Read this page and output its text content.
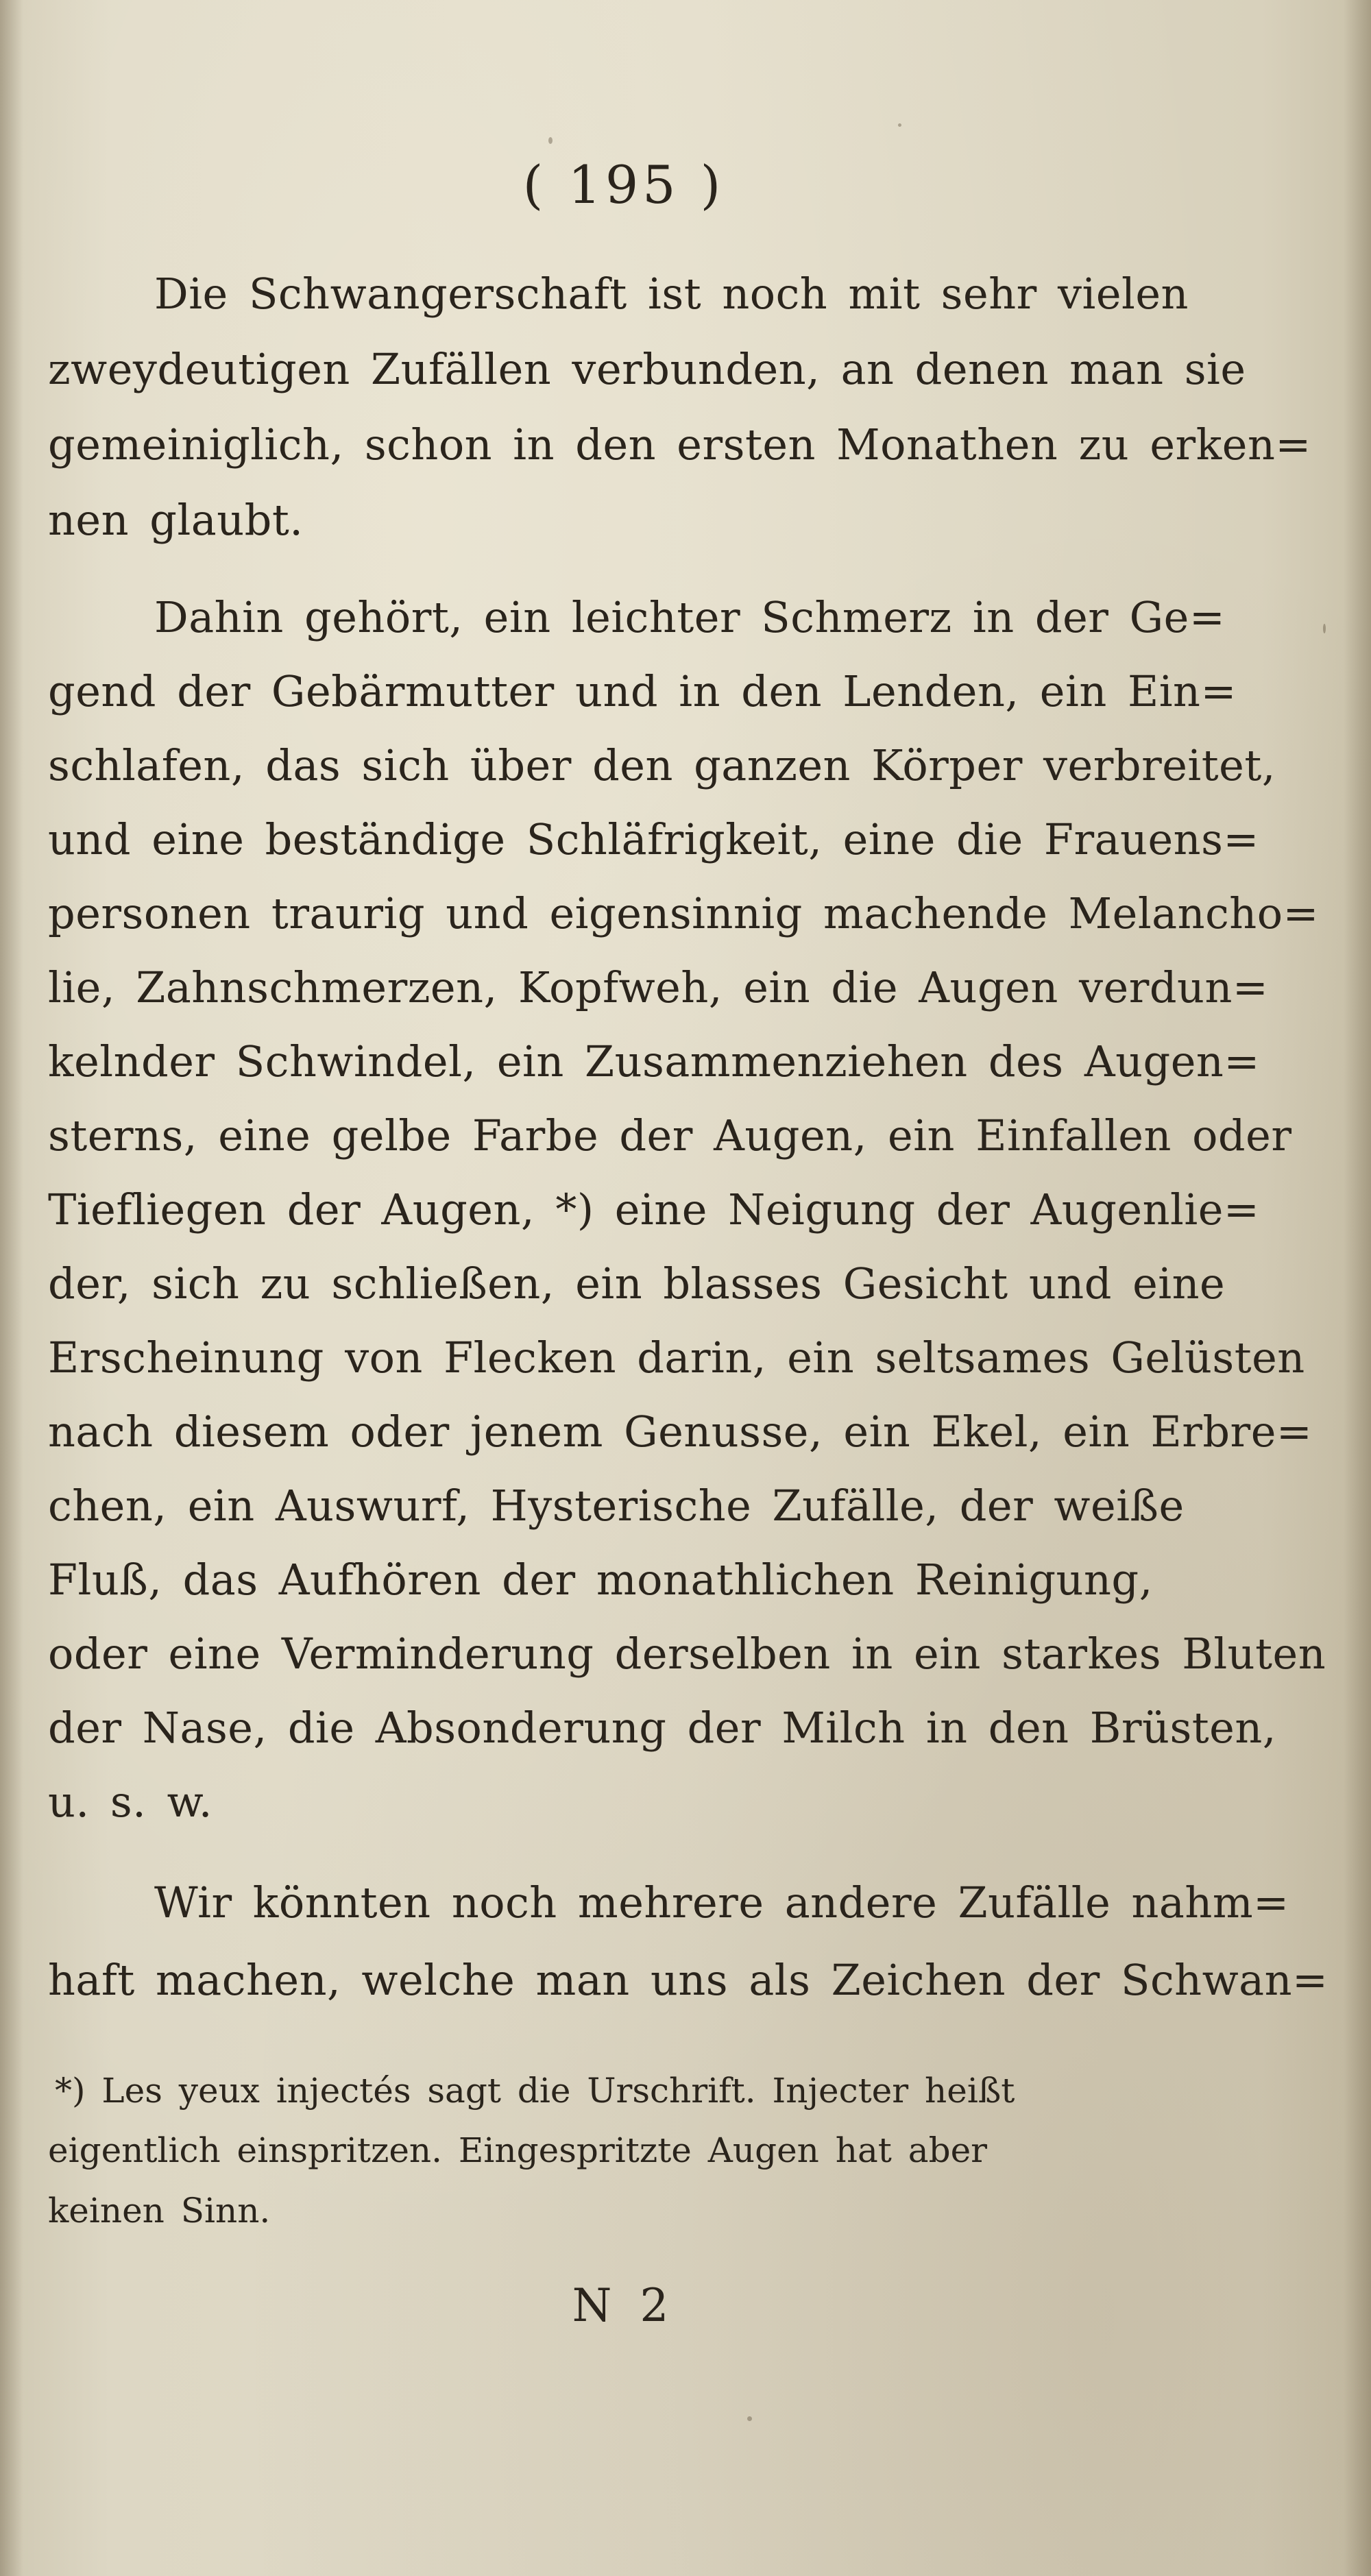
( 195 )
Die Schwangerschaft ist noch mit sehr vielen
zweydeutigen Zufällen verbunden, an denen man sie
gemeiniglich, schon in den ersten Monathen zu erken=
nen glaubt.
Dahin gehört, ein leichter Schmerz in der Ge=
gend der Gebärmutter und in den Lenden, ein Ein=
schlafen, das sich über den ganzen Körper verbreitet,
und eine beständige Schläfrigkeit, eine die Frauens=
personen traurig und eigensinnig machende Melancho=
lie, Zahnschmerzen, Kopfweh, ein die Augen verdun=
kelnder Schwindel, ein Zusammenziehen des Augen=
sterns, eine gelbe Farbe der Augen, ein Einfallen oder
Tiefliegen der Augen, *) eine Neigung der Augenlie=
der, sich zu schließen, ein blasses Gesicht und eine
Erscheinung von Flecken darin, ein seltsames Gelüsten
nach diesem oder jenem Genusse, ein Ekel, ein Erbre=
chen, ein Auswurf, Hysterische Zufälle, der weiße
Fluß, das Aufhören der monathlichen Reinigung,
oder eine Verminderung derselben in ein starkes Bluten
der Nase, die Absonderung der Milch in den Brüsten,
u. s. w.
Wir könnten noch mehrere andere Zufälle nahm=
haft machen, welche man uns als Zeichen der Schwan=
*) Les yeux injectés sagt die Urschrift. Injecter heißt
eigentlich einspritzen. Eingespritzte Augen hat aber
keinen Sinn.
N 2
